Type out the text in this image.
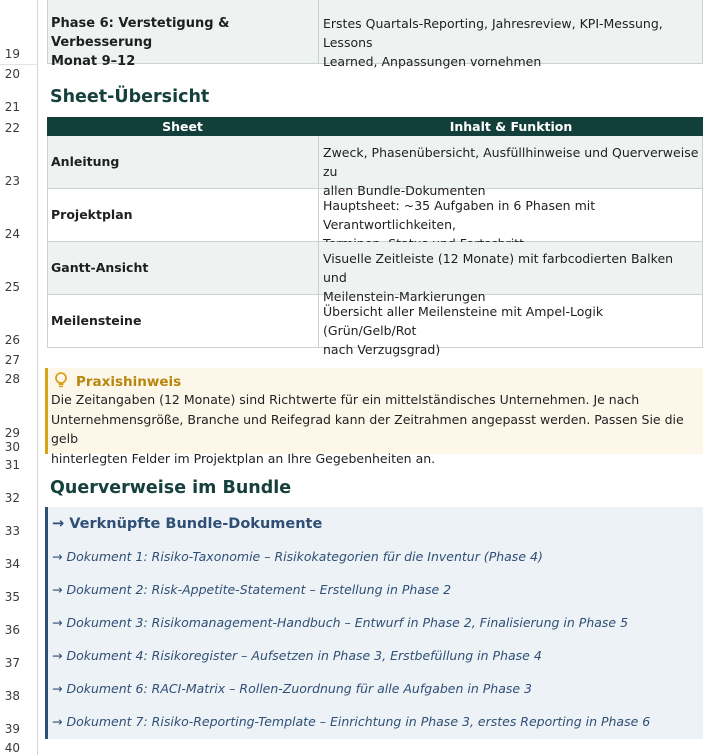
19
20
21
22
23
24
25
26
27
28
29
30
31
32
33
34
35
36
37
38
39
40
Phase 6: Verstetigung & Verbesserung
Monat 9–12
Erstes Quartals-Reporting, Jahresreview, KPI-Messung, Lessons
Learned, Anpassungen vornehmen
Sheet-Übersicht
Sheet	Inhalt & Funktion
Anleitung
Zweck, Phasenübersicht, Ausfüllhinweise und Querverweise zu
allen Bundle-Dokumenten
Projektplan
Hauptsheet: ~35 Aufgaben in 6 Phasen mit Verantwortlichkeiten,
Gantt-Ansicht
Visuelle Zeitleiste (12 Monate) mit farbcodierten Balken und
Meilenstein-Markierungen
Meilensteine
Übersicht aller Meilensteine mit Ampel-Logik (Grün/Gelb/Rot
nach Verzugsgrad)
Praxishinweis
Die Zeitangaben (12 Monate) sind Richtwerte für ein mittelständisches Unternehmen. Je nach
Unternehmensgröße, Branche und Reifegrad kann der Zeitrahmen angepasst werden. Passen Sie die gelb
hinterlegten Felder im Projektplan an Ihre Gegebenheiten an.
Querverweise im Bundle
→ Verknüpfte Bundle-Dokumente
→ Dokument 1: Risiko-Taxonomie – Risikokategorien für die Inventur (Phase 4)
→ Dokument 2: Risk-Appetite-Statement – Erstellung in Phase 2
→ Dokument 3: Risikomanagement-Handbuch – Entwurf in Phase 2, Finalisierung in Phase 5
→ Dokument 4: Risikoregister – Aufsetzen in Phase 3, Erstbefüllung in Phase 4
→ Dokument 6: RACI-Matrix – Rollen-Zuordnung für alle Aufgaben in Phase 3
→ Dokument 7: Risiko-Reporting-Template – Einrichtung in Phase 3, erstes Reporting in Phase 6
